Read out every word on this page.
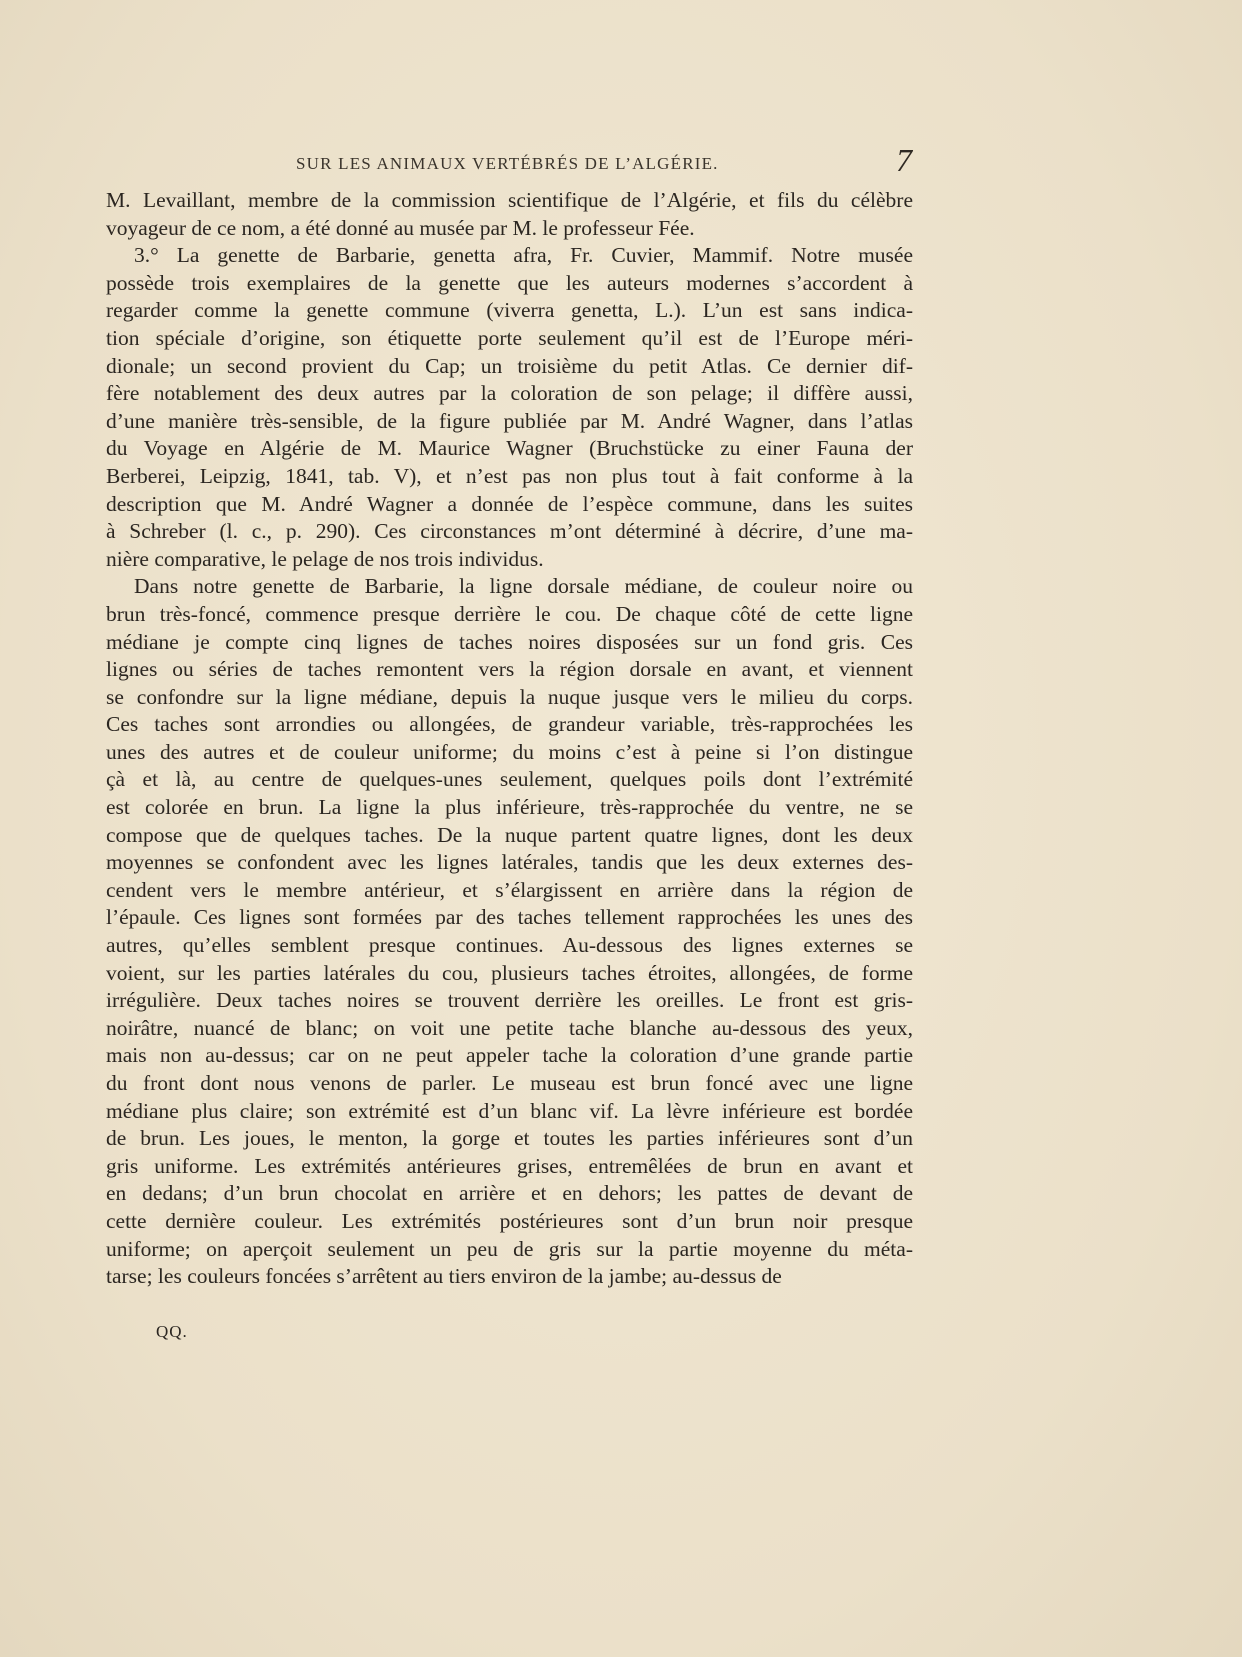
SUR LES ANIMAUX VERTÉBRÉS DE L’ALGÉRIE.	7
M. Levaillant, membre de la commission scientifique de l’Algérie, et fils du célèbre
voyageur de ce nom, a été donné au musée par M. le professeur Fée.
3.° La genette de Barbarie, genetta afra, Fr. Cuvier, Mammif. Notre musée
possède trois exemplaires de la genette que les auteurs modernes s’accordent à
regarder comme la genette commune (viverra genetta, L.). L’un est sans indica-
tion spéciale d’origine, son étiquette porte seulement qu’il est de l’Europe méri-
dionale; un second provient du Cap; un troisième du petit Atlas. Ce dernier dif-
fère notablement des deux autres par la coloration de son pelage; il diffère aussi,
d’une manière très-sensible, de la figure publiée par M. André Wagner, dans l’atlas
du Voyage en Algérie de M. Maurice Wagner (Bruchstücke zu einer Fauna der
Berberei, Leipzig, 1841, tab. V), et n’est pas non plus tout à fait conforme à la
description que M. André Wagner a donnée de l’espèce commune, dans les suites
à Schreber (l. c., p. 290). Ces circonstances m’ont déterminé à décrire, d’une ma-
nière comparative, le pelage de nos trois individus.
Dans notre genette de Barbarie, la ligne dorsale médiane, de couleur noire ou
brun très-foncé, commence presque derrière le cou. De chaque côté de cette ligne
médiane je compte cinq lignes de taches noires disposées sur un fond gris. Ces
lignes ou séries de taches remontent vers la région dorsale en avant, et viennent
se confondre sur la ligne médiane, depuis la nuque jusque vers le milieu du corps.
Ces taches sont arrondies ou allongées, de grandeur variable, très-rapprochées les
unes des autres et de couleur uniforme; du moins c’est à peine si l’on distingue
çà et là, au centre de quelques-unes seulement, quelques poils dont l’extrémité
est colorée en brun. La ligne la plus inférieure, très-rapprochée du ventre, ne se
compose que de quelques taches. De la nuque partent quatre lignes, dont les deux
moyennes se confondent avec les lignes latérales, tandis que les deux externes des-
cendent vers le membre antérieur, et s’élargissent en arrière dans la région de
l’épaule. Ces lignes sont formées par des taches tellement rapprochées les unes des
autres, qu’elles semblent presque continues. Au-dessous des lignes externes se
voient, sur les parties latérales du cou, plusieurs taches étroites, allongées, de forme
irrégulière. Deux taches noires se trouvent derrière les oreilles. Le front est gris-
noirâtre, nuancé de blanc; on voit une petite tache blanche au-dessous des yeux,
mais non au-dessus; car on ne peut appeler tache la coloration d’une grande partie
du front dont nous venons de parler. Le museau est brun foncé avec une ligne
médiane plus claire; son extrémité est d’un blanc vif. La lèvre inférieure est bordée
de brun. Les joues, le menton, la gorge et toutes les parties inférieures sont d’un
gris uniforme. Les extrémités antérieures grises, entremêlées de brun en avant et
en dedans; d’un brun chocolat en arrière et en dehors; les pattes de devant de
cette dernière couleur. Les extrémités postérieures sont d’un brun noir presque
uniforme; on aperçoit seulement un peu de gris sur la partie moyenne du méta-
tarse; les couleurs foncées s’arrêtent au tiers environ de la jambe; au-dessus de
QQ.
